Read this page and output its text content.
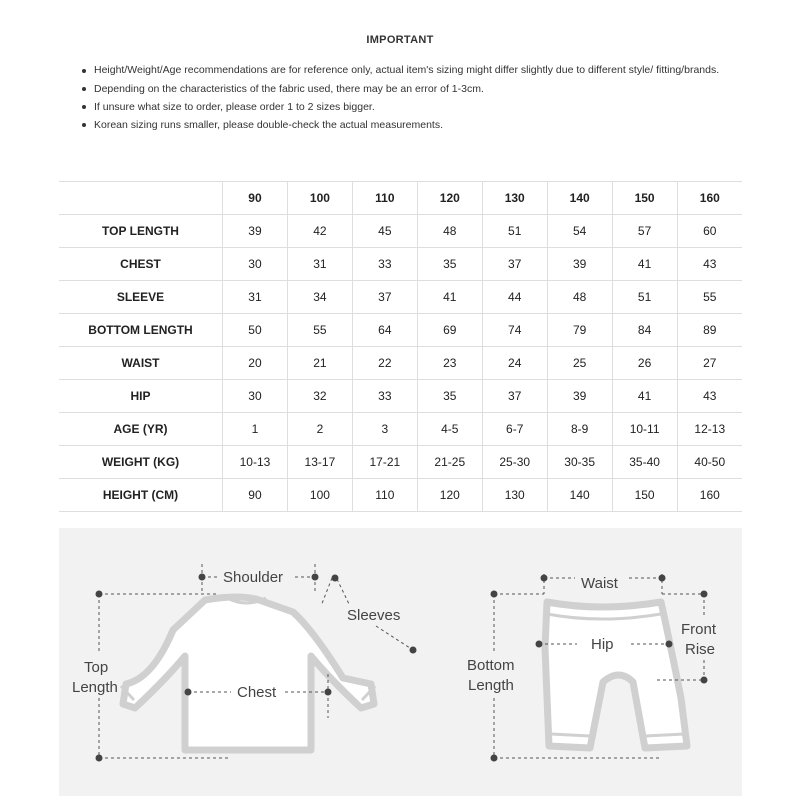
IMPORTANT
Height/Weight/Age recommendations are for reference only, actual item's sizing might differ slightly due to different style/ fitting/brands.
Depending on the characteristics of the fabric used, there may be an error of 1-3cm.
If unsure what size to order, please order 1 to 2 sizes bigger.
Korean sizing runs smaller, please double-check the actual measurements.
	90	100	110	120	130	140	150	160
TOP LENGTH	39	42	45	48	51	54	57	60
CHEST	30	31	33	35	37	39	41	43
SLEEVE	31	34	37	41	44	48	51	55
BOTTOM LENGTH	50	55	64	69	74	79	84	89
WAIST	20	21	22	23	24	25	26	27
HIP	30	32	33	35	37	39	41	43
AGE (YR)	1	2	3	4-5	6-7	8-9	10-11	12-13
WEIGHT (KG)	10-13	13-17	17-21	21-25	25-30	30-35	35-40	40-50
HEIGHT (CM)	90	100	110	120	130	140	150	160
Shoulder
Sleeves
Top
Length	Chest
Waist
Hip
Front
Rise
Bottom
Length
